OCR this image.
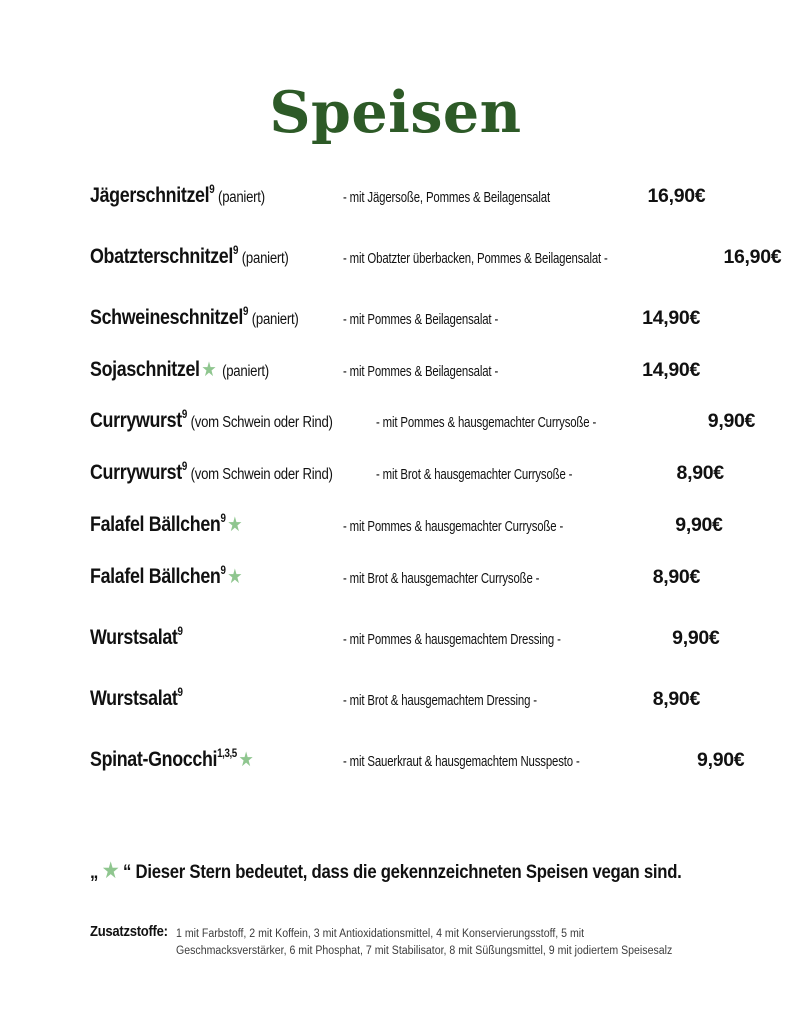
Speisen
Jägerschnitzel$^9$ (paniert)	- mit Jägersoße, Pommes & Beilagensalat	16,90€
Obatzterschnitzel$^9$ (paniert)	- mit Obatzter überbacken, Pommes & Beilagensalat -	16,90€
Schweineschnitzel$^9$ (paniert)	- mit Pommes & Beilagensalat -	14,90€
Sojaschnitzel★ (paniert)	- mit Pommes & Beilagensalat -	14,90€
Currywurst$^9$ (vom Schwein oder Rind)	- mit Pommes & hausgemachter Currysoße -	9,90€
Currywurst$^9$ (vom Schwein oder Rind)	- mit Brot & hausgemachter Currysoße -	8,90€
Falafel Bällchen$^9$★	- mit Pommes & hausgemachter Currysoße -	9,90€
Falafel Bällchen$^9$★	- mit Brot & hausgemachter Currysoße -	8,90€
Wurstsalat$^9$	- mit Pommes & hausgemachtem Dressing -	9,90€
Wurstsalat$^9$	- mit Brot & hausgemachtem Dressing -	8,90€
Spinat-Gnocchi$^{1,3,5}$★	- mit Sauerkraut & hausgemachtem Nusspesto -	9,90€

„ ★ “ Dieser Stern bedeutet, dass die gekennzeichneten Speisen vegan sind.

Zusatzstoffe: 1 mit Farbstoff, 2 mit Koffein, 3 mit Antioxidationsmittel, 4 mit Konservierungsstoff, 5 mit
Geschmacksverstärker, 6 mit Phosphat, 7 mit Stabilisator, 8 mit Süßungsmittel, 9 mit jodiertem Speisesalz
